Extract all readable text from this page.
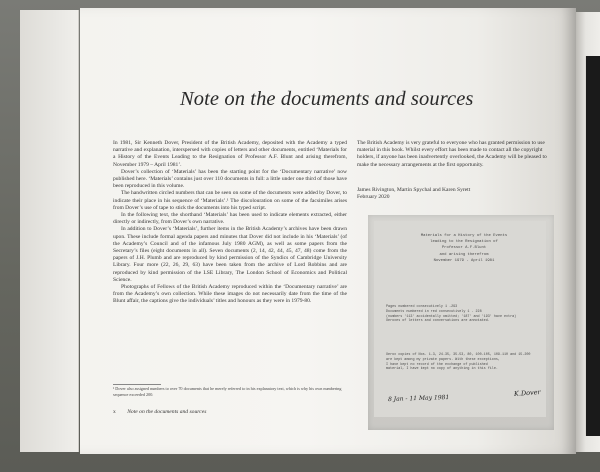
Note on the documents and sources

In 1981, Sir Kenneth Dover, President of the British Academy, deposited with the Academy a typed narrative and explanation, interspersed with copies of letters and other documents, entitled ‘Materials for a History of the Events Leading to the Resignation of Professor A.F. Blunt and arising therefrom, November 1979 – April 1981’.

Dover’s collection of ‘Materials’ has been the starting point for the ‘Documentary narrative’ now published here. ‘Materials’ contains just over 110 documents in full: a little under one third of those have been reproduced in this volume.

The handwritten circled numbers that can be seen on some of the documents were added by Dover, to indicate their place in his sequence of ‘Materials’.¹ The discolouration on some of the facsimiles arises from Dover’s use of tape to stick the documents into his typed script.

In the following text, the shorthand ‘Materials’ has been used to indicate elements extracted, either directly or indirectly, from Dover’s own narrative.

In addition to Dover’s ‘Materials’, further items in the British Academy’s archives have been drawn upon. These include formal agenda papers and minutes that Dover did not include in his ‘Materials’ (of the Academy’s Council and of the infamous July 1980 AGM), as well as some papers from the Secretary’s files (eight documents in all). Seven documents (2, 14, 42, 44, 45, 47, 48) come from the papers of J.H. Plumb and are reproduced by kind permission of the Syndics of Cambridge University Library. Four more (22, 26, 29, 63) have been taken from the archive of Lord Robbins and are reproduced by kind permission of the LSE Library, The London School of Economics and Political Science.

Photographs of Fellows of the British Academy reproduced within the ‘Documentary narrative’ are from the Academy’s own collection. While these images do not necessarily date from the time of the Blunt affair, the captions give the individuals’ titles and honours as they were in 1979-80.

¹ Dover also assigned numbers to over 70 documents that he merely referred to in his explanatory text, which is why his own numbering sequence exceeded 200.
x Note on the documents and sources

The British Academy is very grateful to everyone who has granted permission to use material in this book. Whilst every effort has been made to contact all the copyright holders, if anyone has been inadvertently overlooked, the Academy will be pleased to make the necessary arrangements at the first opportunity.

James Rivington, Martin Spychal and Karen Syrett
February 2020
Materials for a History of the Events
leading to the Resignation of
Professor A.F.Blunt
and arising therefrom
November 1979 - April 1981
Pages numbered consecutively 1 -293
Documents numbered in red consecutively 1 - 228
(numbers '113' accidentally omitted; '187' and '193' have extra)
Xeroxes of letters and conversations are annotated.
Xerox copies of Nos. 1-3, 24-35, 35-53, 80, 100-105, 109-110 and 15-200
are kept among my private papers. With these exceptions,
I have kept no record of the exchange of published
material, I have kept no copy of anything in this file.
8 Jan - 11 May 1981
K.Dover
